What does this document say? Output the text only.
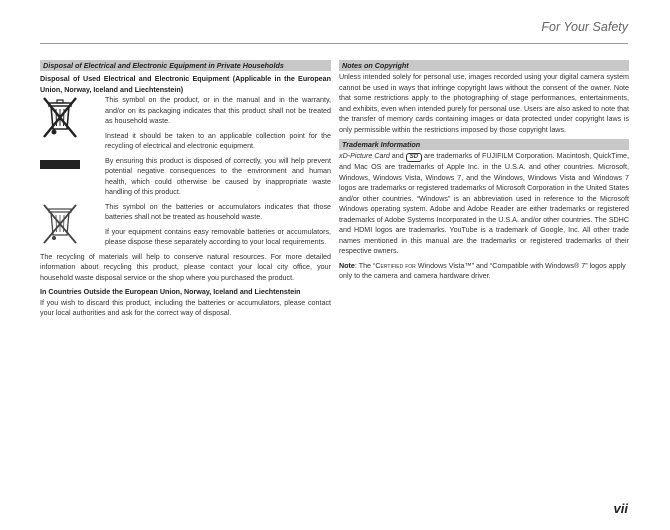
For Your Safety
Disposal of Electrical and Electronic Equipment in Private Households

Disposal of Used Electrical and Electronic Equipment (Applicable in the European Union, Norway, Iceland and Liechtenstein)

This symbol on the product, or in the manual and in the warranty, and/or on its packaging indicates that this product shall not be treated as household waste.

Instead it should be taken to an applicable collection point for the recycling of electrical and electronic equipment.

By ensuring this product is disposed of correctly, you will help prevent potential negative consequences to the environment and human health, which could otherwise be caused by inappropriate waste handling of this product.

This symbol on the batteries or accumulators indicates that those batteries shall not be treated as household waste.

If your equipment contains easy removable batteries or accumulators, please dispose these separately according to your local requirements.

The recycling of materials will help to conserve natural resources. For more detailed information about recycling this product, please contact your local city office, your household waste disposal service or the shop where you purchased the product.

In Countries Outside the European Union, Norway, Iceland and Liechtenstein

If you wish to discard this product, including the batteries or accumulators, please contact your local authorities and ask for the correct way of disposal.

Notes on Copyright

Unless intended solely for personal use, images recorded using your digital camera system cannot be used in ways that infringe copyright laws without the consent of the owner. Note that some restrictions apply to the photographing of stage performances, entertainments, and exhibits, even when intended purely for personal use. Users are also asked to note that the transfer of memory cards containing images or data protected under copyright laws is only permissible within the restrictions imposed by those copyright laws.

Trademark Information

xD-Picture Card and SD are trademarks of FUJIFILM Corporation. Macintosh, QuickTime, and Mac OS are trademarks of Apple Inc. in the U.S.A. and other countries. Microsoft, Windows, Windows Vista, Windows 7, and the Windows, Windows Vista and Windows 7 logos are trademarks or registered trademarks of Microsoft Corporation in the United States and/or other countries. “Windows” is an abbreviation used in reference to the Microsoft Windows operating system. Adobe and Adobe Reader are either trademarks or registered trademarks of Adobe Systems Incorporated in the U.S.A. and/or other countries. The SDHC and HDMI logos are trademarks. YouTube is a trademark of Google, Inc. All other trade names mentioned in this manual are the trademarks or registered trademarks of their respective owners.

Note: The “Certified for Windows Vista™” and “Compatible with Windows® 7” logos apply only to the camera and camera hardware driver.

vii
